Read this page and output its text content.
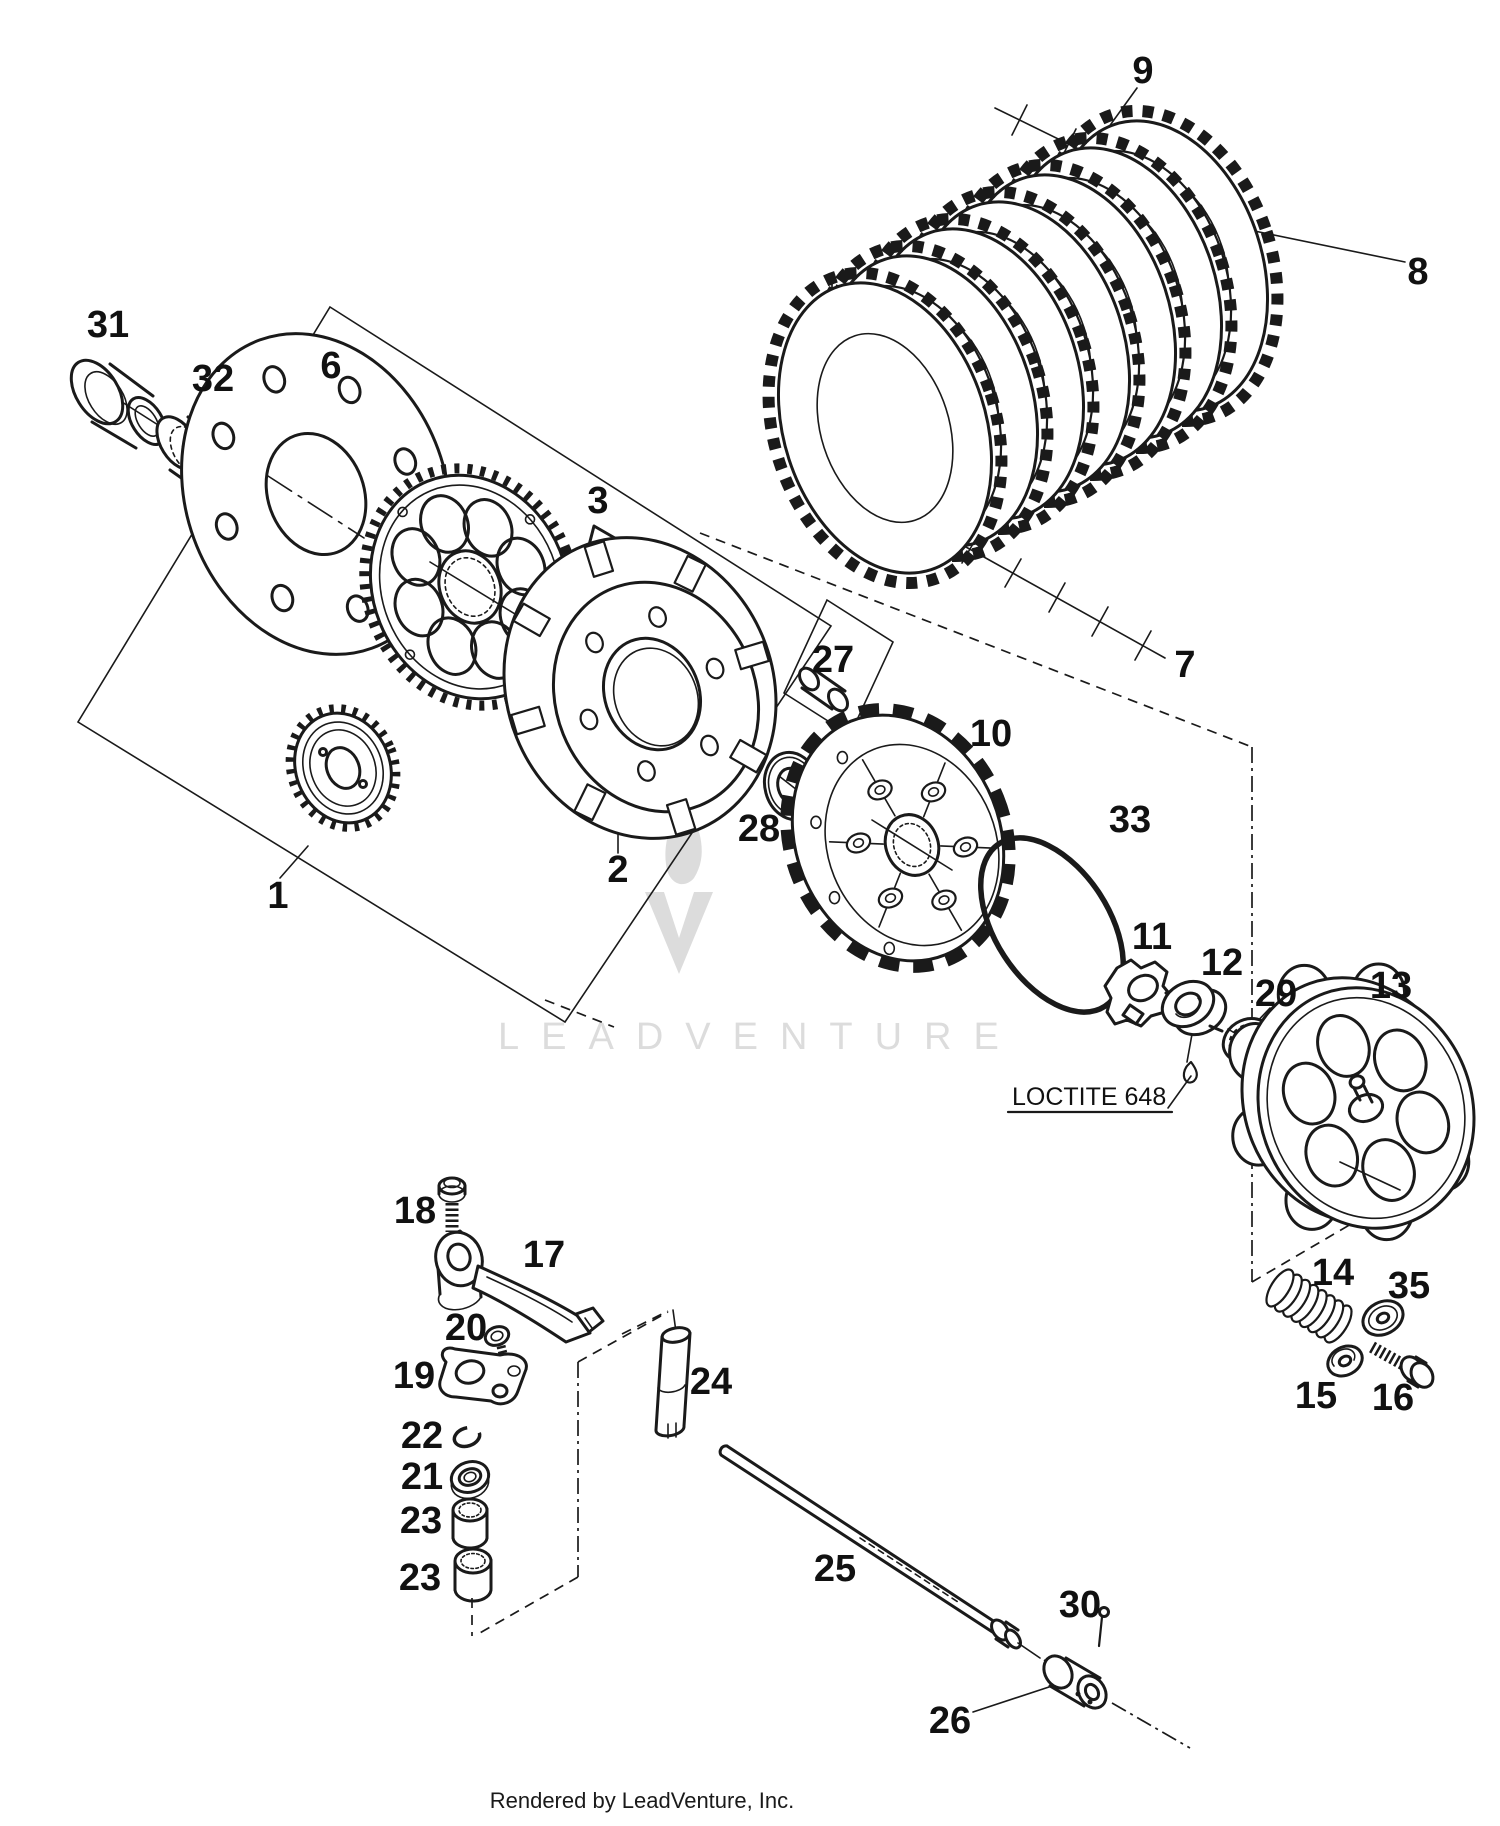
LEADVENTURE
LOCTITE 648
9
8
7
31
32 6
3
1
2
27
28
10
33
11
12
29 13
14 35
15 16
18
17
20
19
22
21
23
23
24
25
30
26
Rendered by LeadVenture, Inc.
